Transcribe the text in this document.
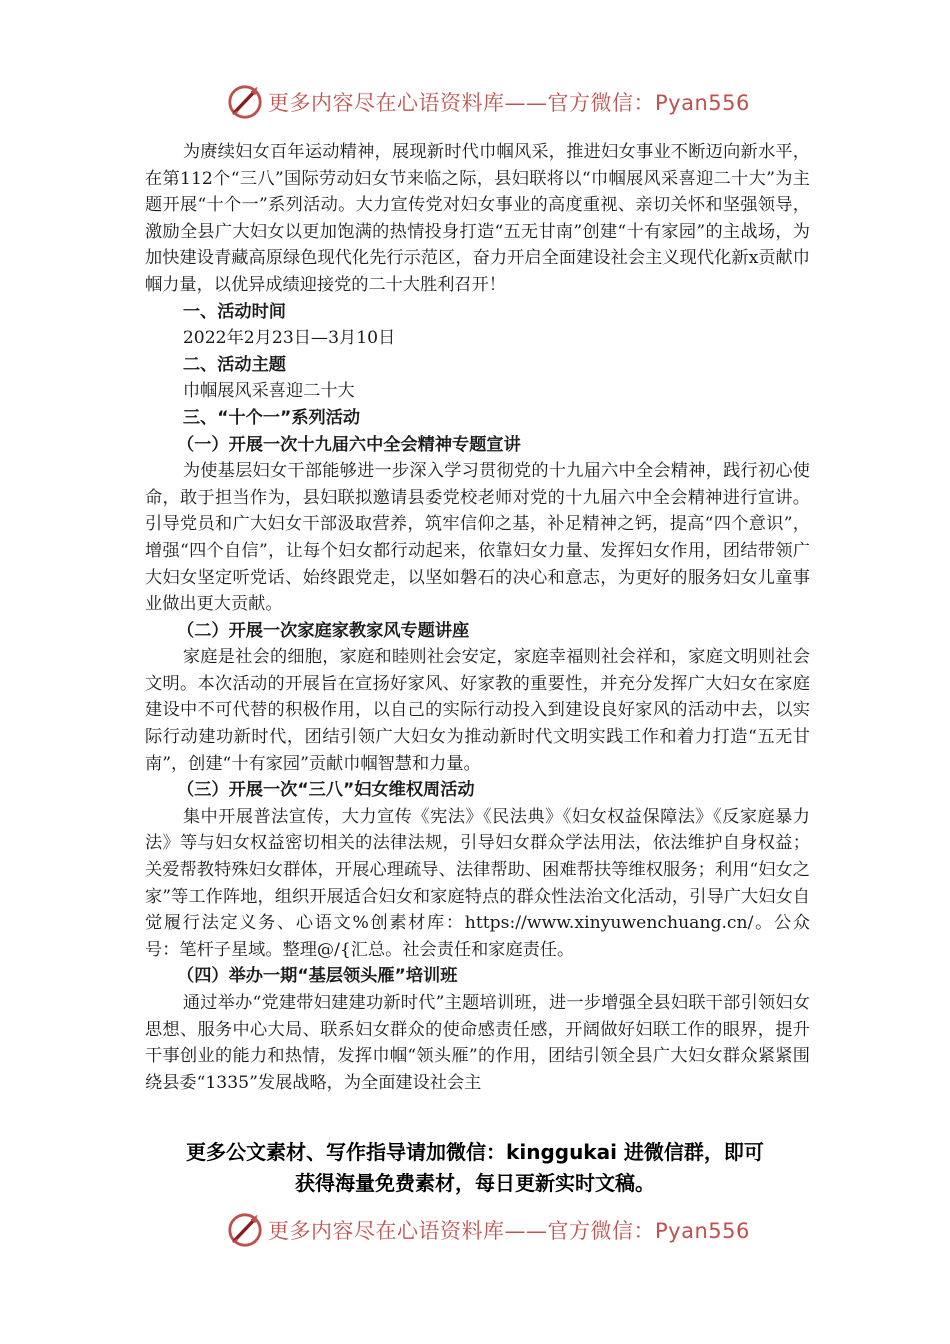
更多内容尽在心语资料库——官方微信：Pyan556

为赓续妇女百年运动精神，展现新时代巾帼风采，推进妇女事业不断迈向新水平，在第112个“三八”国际劳动妇女节来临之际，县妇联将以“巾帼展风采喜迎二十大”为主题开展“十个一”系列活动。大力宣传党对妇女事业的高度重视、亲切关怀和坚强领导，激励全县广大妇女以更加饱满的热情投身打造“五无甘南”创建“十有家园”的主战场，为加快建设青藏高原绿色现代化先行示范区，奋力开启全面建设社会主义现代化新x贡献巾帼力量，以优异成绩迎接党的二十大胜利召开！

一、活动时间

2022年2月23日—3月10日

二、活动主题

巾帼展风采喜迎二十大

三、“十个一”系列活动

（一）开展一次十九届六中全会精神专题宣讲

为使基层妇女干部能够进一步深入学习贯彻党的十九届六中全会精神，践行初心使命，敢于担当作为，县妇联拟邀请县委党校老师对党的十九届六中全会精神进行宣讲。引导党员和广大妇女干部汲取营养，筑牢信仰之基，补足精神之钙，提高“四个意识”，增强“四个自信”，让每个妇女都行动起来，依靠妇女力量、发挥妇女作用，团结带领广大妇女坚定听党话、始终跟党走，以坚如磐石的决心和意志，为更好的服务妇女儿童事业做出更大贡献。

（二）开展一次家庭家教家风专题讲座

家庭是社会的细胞，家庭和睦则社会安定，家庭幸福则社会祥和，家庭文明则社会文明。本次活动的开展旨在宣扬好家风、好家教的重要性，并充分发挥广大妇女在家庭建设中不可代替的积极作用，以自己的实际行动投入到建设良好家风的活动中去，以实际行动建功新时代，团结引领广大妇女为推动新时代文明实践工作和着力打造“五无甘南”，创建“十有家园”贡献巾帼智慧和力量。

（三）开展一次“三八”妇女维权周活动

集中开展普法宣传，大力宣传《宪法》《民法典》《妇女权益保障法》《反家庭暴力法》等与妇女权益密切相关的法律法规，引导妇女群众学法用法，依法维护自身权益；关爱帮教特殊妇女群体，开展心理疏导、法律帮助、困难帮扶等维权服务；利用“妇女之家”等工作阵地，组织开展适合妇女和家庭特点的群众性法治文化活动，引导广大妇女自觉履行法定义务、心语文%创素材库：https://www.xinyuwenchuang.cn/。公众号：笔杆子星域。整理@/{汇总。社会责任和家庭责任。

（四）举办一期“基层领头雁”培训班

通过举办“党建带妇建建功新时代”主题培训班，进一步增强全县妇联干部引领妇女思想、服务中心大局、联系妇女群众的使命感责任感，开阔做好妇联工作的眼界，提升干事创业的能力和热情，发挥巾帼“领头雁”的作用，团结引领全县广大妇女群众紧紧围绕县委“1335”发展战略，为全面建设社会主

更多公文素材、写作指导请加微信：kinggukai 进微信群，即可
获得海量免费素材，每日更新实时文稿。
更多内容尽在心语资料库——官方微信：Pyan556
